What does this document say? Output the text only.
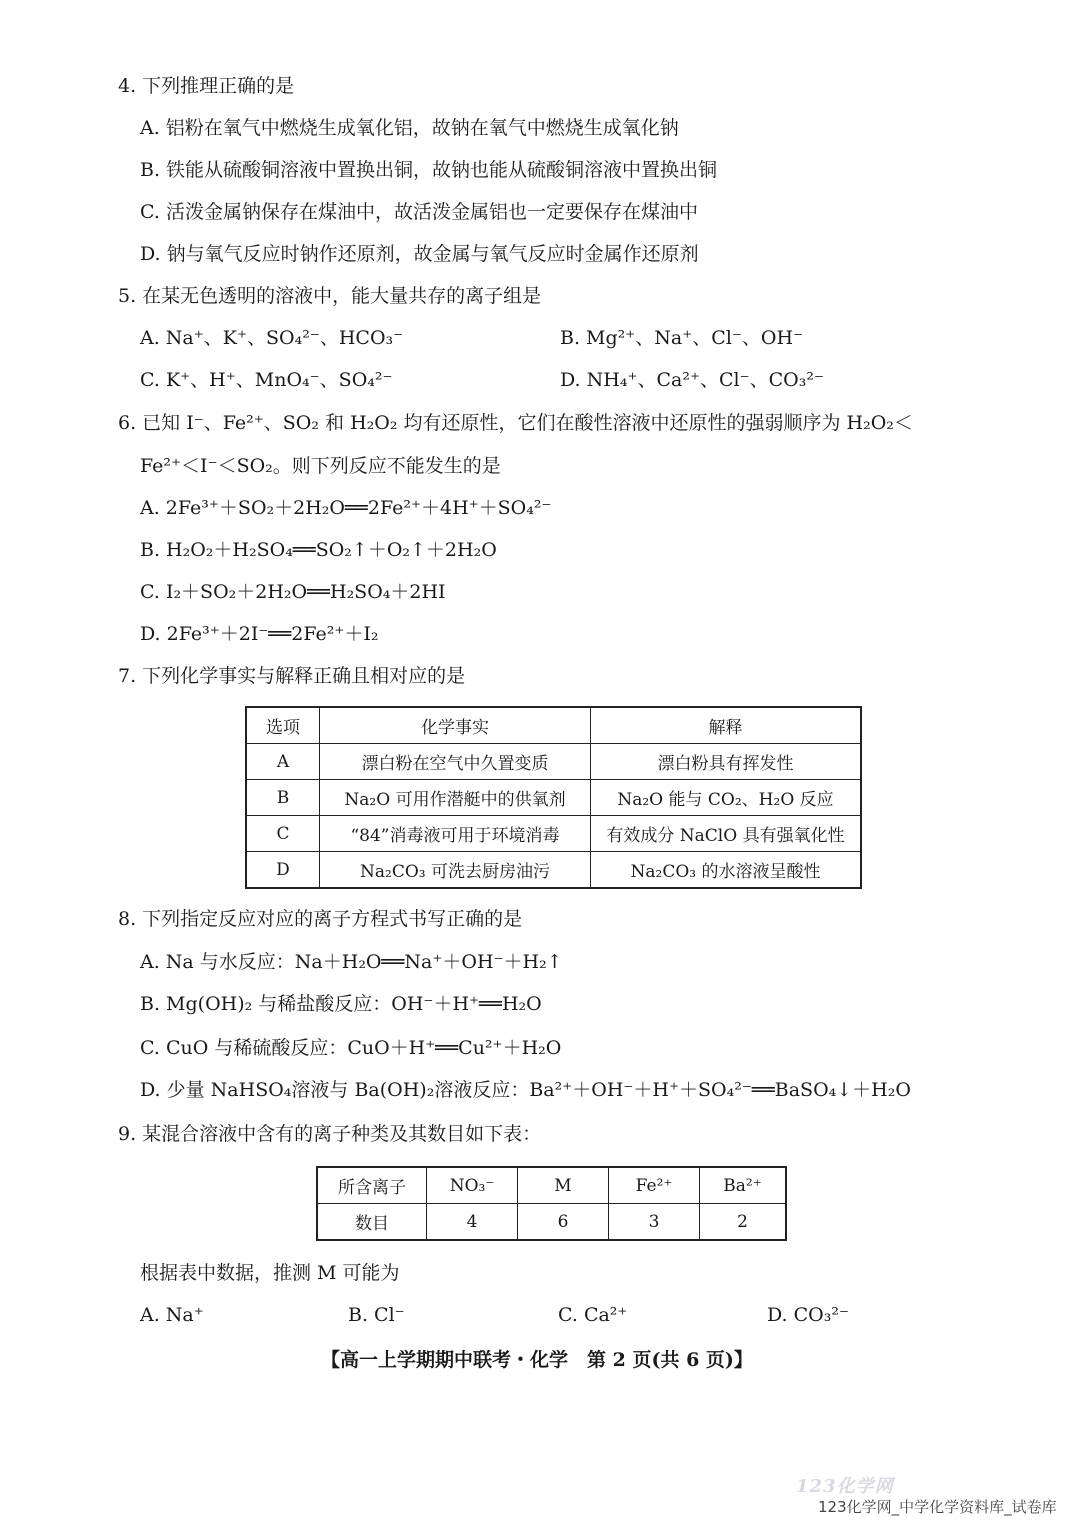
4. 下列推理正确的是
A. 铝粉在氧气中燃烧生成氧化铝，故钠在氧气中燃烧生成氧化钠
B. 铁能从硫酸铜溶液中置换出铜，故钠也能从硫酸铜溶液中置换出铜
C. 活泼金属钠保存在煤油中，故活泼金属铝也一定要保存在煤油中
D. 钠与氧气反应时钠作还原剂，故金属与氧气反应时金属作还原剂
5. 在某无色透明的溶液中，能大量共存的离子组是
A. Na⁺、K⁺、SO₄²⁻、HCO₃⁻	B. Mg²⁺、Na⁺、Cl⁻、OH⁻
C. K⁺、H⁺、MnO₄⁻、SO₄²⁻	D. NH₄⁺、Ca²⁺、Cl⁻、CO₃²⁻
6. 已知 I⁻、Fe²⁺、SO₂ 和 H₂O₂ 均有还原性，它们在酸性溶液中还原性的强弱顺序为 H₂O₂＜
Fe²⁺＜I⁻＜SO₂。则下列反应不能发生的是
A. 2Fe³⁺＋SO₂＋2H₂O══2Fe²⁺＋4H⁺＋SO₄²⁻
B. H₂O₂＋H₂SO₄══SO₂↑＋O₂↑＋2H₂O
C. I₂＋SO₂＋2H₂O══H₂SO₄＋2HI
D. 2Fe³⁺＋2I⁻══2Fe²⁺＋I₂
7. 下列化学事实与解释正确且相对应的是
选项	化学事实	解释
A	漂白粉在空气中久置变质	漂白粉具有挥发性
B	Na₂O 可用作潜艇中的供氧剂	Na₂O 能与 CO₂、H₂O 反应
C	“84”消毒液可用于环境消毒	有效成分 NaClO 具有强氧化性
D	Na₂CO₃ 可洗去厨房油污	Na₂CO₃ 的水溶液呈酸性
8. 下列指定反应对应的离子方程式书写正确的是
A. Na 与水反应：Na＋H₂O══Na⁺＋OH⁻＋H₂↑
B. Mg(OH)₂ 与稀盐酸反应：OH⁻＋H⁺══H₂O
C. CuO 与稀硫酸反应：CuO＋H⁺══Cu²⁺＋H₂O
D. 少量 NaHSO₄溶液与 Ba(OH)₂溶液反应：Ba²⁺＋OH⁻＋H⁺＋SO₄²⁻══BaSO₄↓＋H₂O
9. 某混合溶液中含有的离子种类及其数目如下表：
所含离子	NO₃⁻	M	Fe²⁺	Ba²⁺
数目	4	6	3	2
根据表中数据，推测 M 可能为
A. Na⁺	B. Cl⁻	C. Ca²⁺	D. CO₃²⁻
【高一上学期期中联考・化学　第 2 页(共 6 页)】
123化学网
123化学网_中学化学资料库_试卷库
